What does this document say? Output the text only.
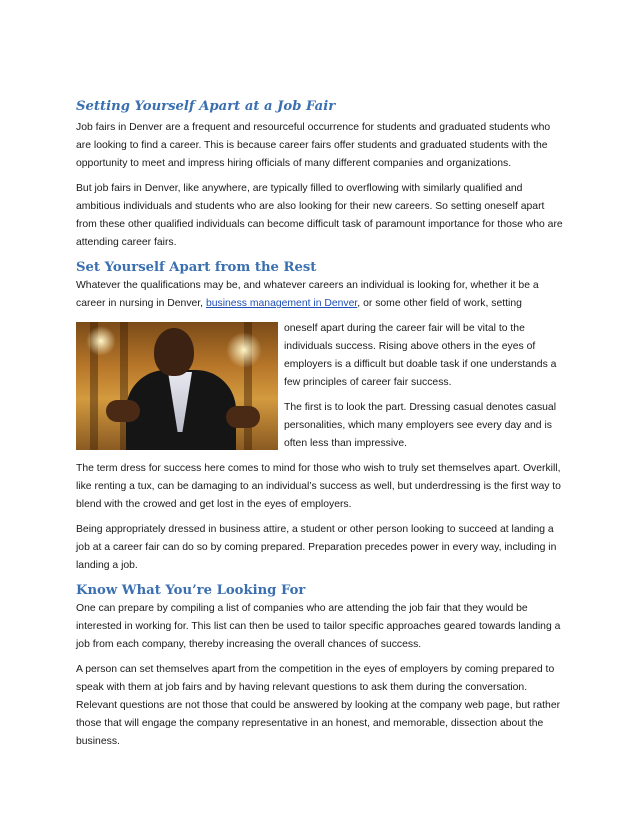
Setting Yourself Apart at a Job Fair

Job fairs in Denver are a frequent and resourceful occurrence for students and graduated students who are looking to find a career. This is because career fairs offer students and graduated students with the opportunity to meet and impress hiring officials of many different companies and organizations.

But job fairs in Denver, like anywhere, are typically filled to overflowing with similarly qualified and ambitious individuals and students who are also looking for their new careers. So setting oneself apart from these other qualified individuals can become difficult task of paramount importance for those who are attending career fairs.

Set Yourself Apart from the Rest

Whatever the qualifications may be, and whatever careers an individual is looking for, whether it be a career in nursing in Denver, business management in Denver, or some other field of work, setting

oneself apart during the career fair will be vital to the individuals success. Rising above others in the eyes of employers is a difficult but doable task if one understands a few principles of career fair success.

The first is to look the part. Dressing casual denotes casual personalities, which many employers see every day and is often less than impressive.

The term dress for success here comes to mind for those who wish to truly set themselves apart. Overkill, like renting a tux, can be damaging to an individual’s success as well, but underdressing is the first way to blend with the crowed and get lost in the eyes of employers.

Being appropriately dressed in business attire, a student or other person looking to succeed at landing a job at a career fair can do so by coming prepared. Preparation precedes power in every way, including in landing a job.

Know What You’re Looking For

One can prepare by compiling a list of companies who are attending the job fair that they would be interested in working for. This list can then be used to tailor specific approaches geared towards landing a job from each company, thereby increasing the overall chances of success.

A person can set themselves apart from the competition in the eyes of employers by coming prepared to speak with them at job fairs and by having relevant questions to ask them during the conversation. Relevant questions are not those that could be answered by looking at the company web page, but rather those that will engage the company representative in an honest, and memorable, dissection about the business.
